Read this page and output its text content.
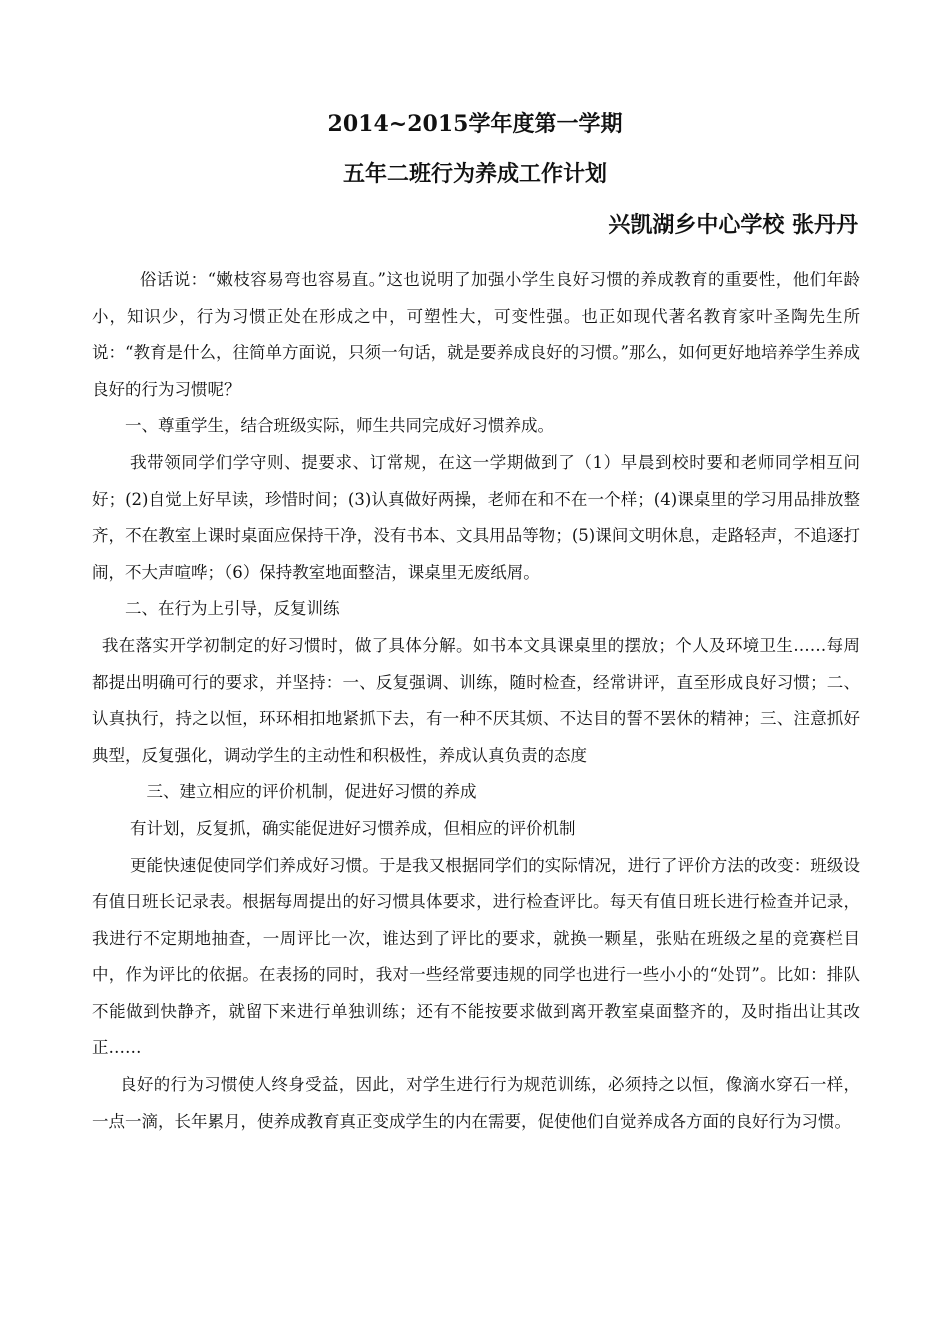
2014~2015学年度第一学期
五年二班行为养成工作计划
兴凯湖乡中心学校 张丹丹

俗话说：“嫩枝容易弯也容易直。”这也说明了加强小学生良好习惯的养成教育的重要性，他们年龄小，知识少，行为习惯正处在形成之中，可塑性大，可变性强。也正如现代著名教育家叶圣陶先生所说：“教育是什么，往简单方面说，只须一句话，就是要养成良好的习惯。”那么，如何更好地培养学生养成良好的行为习惯呢？

一、尊重学生，结合班级实际，师生共同完成好习惯养成。

我带领同学们学守则、提要求、订常规，在这一学期做到了（1）早晨到校时要和老师同学相互问好；(2)自觉上好早读，珍惜时间；(3)认真做好两操，老师在和不在一个样；(4)课桌里的学习用品排放整齐，不在教室上课时桌面应保持干净，没有书本、文具用品等物；(5)课间文明休息，走路轻声，不追逐打闹，不大声喧哗；（6）保持教室地面整洁，课桌里无废纸屑。

二、在行为上引导，反复训练

我在落实开学初制定的好习惯时，做了具体分解。如书本文具课桌里的摆放；个人及环境卫生……每周都提出明确可行的要求，并坚持：一、反复强调、训练，随时检查，经常讲评，直至形成良好习惯；二、认真执行，持之以恒，环环相扣地紧抓下去，有一种不厌其烦、不达目的誓不罢休的精神；三、注意抓好典型，反复强化，调动学生的主动性和积极性，养成认真负责的态度

三、建立相应的评价机制，促进好习惯的养成

有计划，反复抓，确实能促进好习惯养成，但相应的评价机制

更能快速促使同学们养成好习惯。于是我又根据同学们的实际情况，进行了评价方法的改变：班级设有值日班长记录表。根据每周提出的好习惯具体要求，进行检查评比。每天有值日班长进行检查并记录，我进行不定期地抽查，一周评比一次，谁达到了评比的要求，就换一颗星，张贴在班级之星的竞赛栏目中，作为评比的依据。在表扬的同时，我对一些经常要违规的同学也进行一些小小的“处罚”。比如：排队不能做到快静齐，就留下来进行单独训练；还有不能按要求做到离开教室桌面整齐的，及时指出让其改正……

良好的行为习惯使人终身受益，因此，对学生进行行为规范训练，必须持之以恒，像滴水穿石一样，一点一滴，长年累月，使养成教育真正变成学生的内在需要，促使他们自觉养成各方面的良好行为习惯。
